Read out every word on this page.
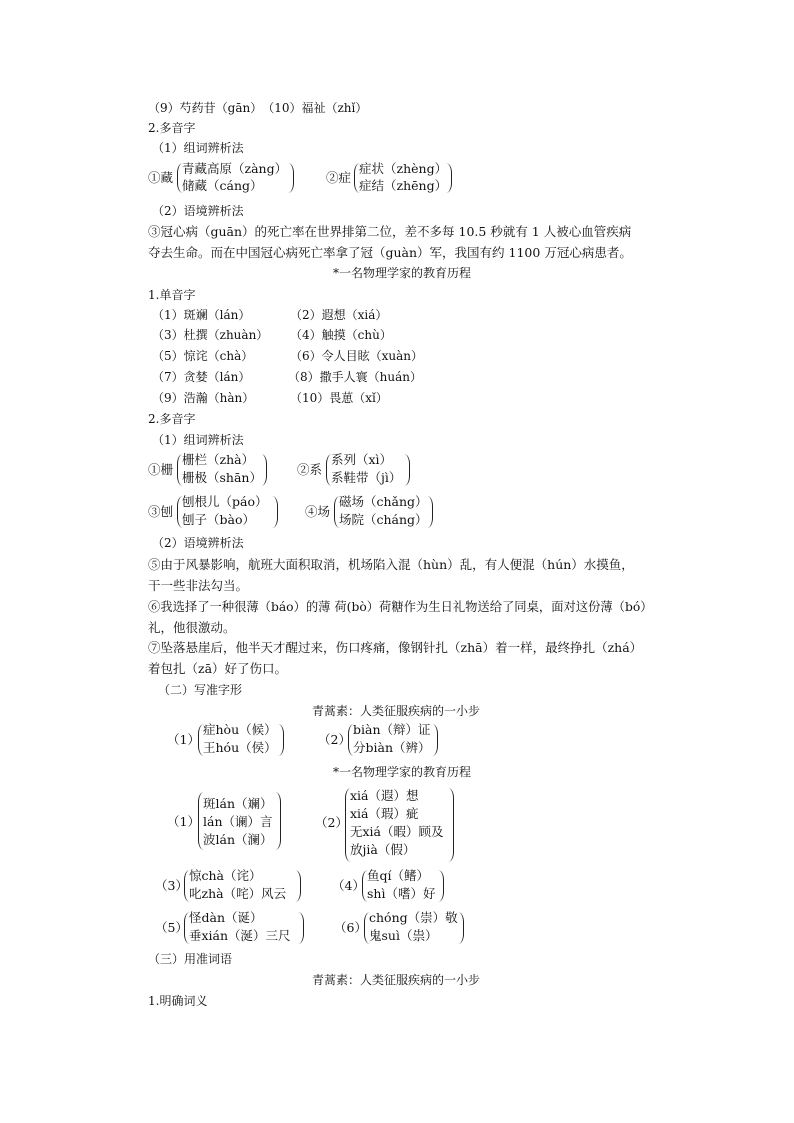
（9）芍药苷（gān）　（10）福祉（zhǐ）
2.多音字
（1）组词辨析法
①藏
青藏高原（zàng）
储藏（cáng）
②症
症状（zhèng）
症结（zhēng）
（2）语境辨析法
③冠心病（guān）的死亡率在世界排第二位，差不多每 10.5 秒就有 1 人被心血管疾病
夺去生命。而在中国冠心病死亡率拿了冠（guàn）军，我国有约 1100 万冠心病患者。
*一名物理学家的教育历程
1.单音字
（1）斑斓（lán）	（2）遐想（xiá）
（3）杜撰（zhuàn） （4）触摸（chù）
（5）惊诧（chà）	（6）令人目眩（xuàn）
（7）贪婪（lán）	（8）撒手人寰（huán）
（9）浩瀚（hàn）	（10）畏葸（xǐ）
2.多音字
（1）组词辨析法
①栅
栅栏（zhà）
栅极（shān）
②系
系列（xì）
系鞋带（jì）
③刨
刨根儿（páo）
刨子（bào）
④场
磁场（chǎng）
场院（cháng）
（2）语境辨析法
⑤由于风暴影响，航班大面积取消，机场陷入混（hùn）乱，有人便混（hún）水摸鱼，
干一些非法勾当。
⑥我选择了一种很薄（báo）的薄 荷(bò）荷糖作为生日礼物送给了同桌，面对这份薄（bó）
礼，他很激动。
⑦坠落悬崖后，他半天才醒过来，伤口疼痛，像钢针扎（zhā）着一样，最终挣扎（zhá）
着包扎（zā）好了伤口。
（二）写准字形
青蒿素：人类征服疾病的一小步
（1）
症hòu（候）
王hóu（侯）
（2）
biàn（辩）证
分biàn（辨）
*一名物理学家的教育历程
（1）
斑lán（斓）
lán（谰）言
波lán（澜）
（2）
xiá（遐）想
xiá（瑕）疵
无xiá（暇）顾及
放jià（假）
（3）
惊chà（诧）
叱zhà（咤）风云
（4）
鱼qí（鳍）
shì（嗜）好
（5）
怪dàn（诞）
垂xián（涎）三尺
（6）
chóng（崇）敬
鬼suì（祟）
（三）用准词语
青蒿素：人类征服疾病的一小步
1.明确词义
